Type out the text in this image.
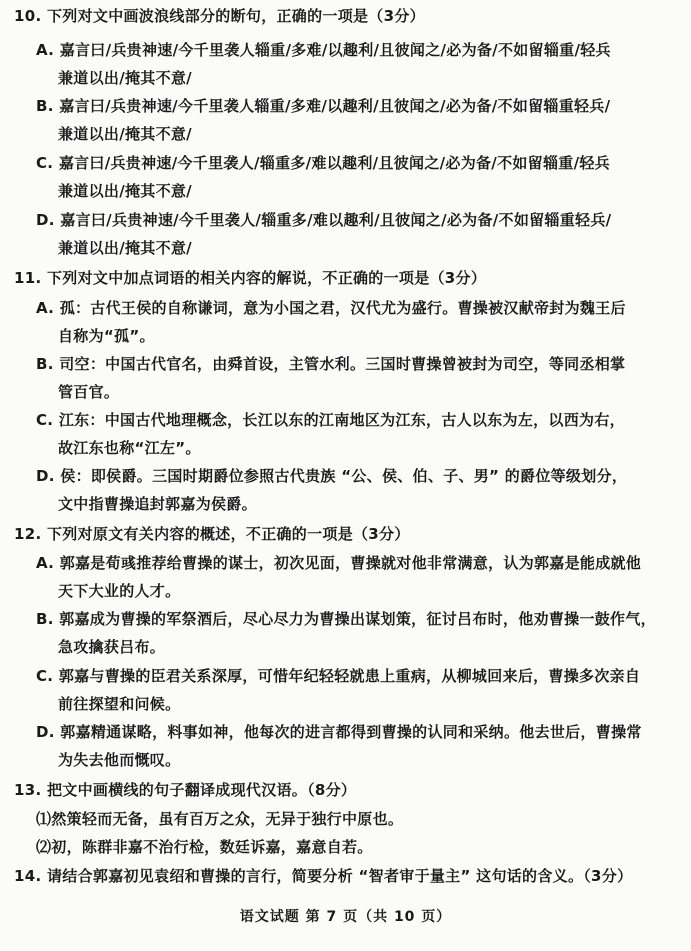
10. 下列对文中画波浪线部分的断句，正确的一项是（3分）
A. 嘉言曰/兵贵神速/今千里袭人辎重/多难/以趣利/且彼闻之/必为备/不如留辎重/轻兵
兼道以出/掩其不意/
B. 嘉言曰/兵贵神速/今千里袭人辎重/多难/以趣利/且彼闻之/必为备/不如留辎重轻兵/
兼道以出/掩其不意/
C. 嘉言曰/兵贵神速/今千里袭人/辎重多/难以趣利/且彼闻之/必为备/不如留辎重/轻兵
兼道以出/掩其不意/
D. 嘉言曰/兵贵神速/今千里袭人/辎重多/难以趣利/且彼闻之/必为备/不如留辎重轻兵/
兼道以出/掩其不意/
11. 下列对文中加点词语的相关内容的解说，不正确的一项是（3分）
A. 孤：古代王侯的自称谦词，意为小国之君，汉代尤为盛行。曹操被汉献帝封为魏王后
自称为“孤”。
B. 司空：中国古代官名，由舜首设，主管水利。三国时曹操曾被封为司空，等同丞相掌
管百官。
C. 江东：中国古代地理概念，长江以东的江南地区为江东，古人以东为左，以西为右，
故江东也称“江左”。
D. 侯：即侯爵。三国时期爵位参照古代贵族 “公、侯、伯、子、男” 的爵位等级划分，
文中指曹操追封郭嘉为侯爵。
12. 下列对原文有关内容的概述，不正确的一项是（3分）
A. 郭嘉是荀彧推荐给曹操的谋士，初次见面，曹操就对他非常满意，认为郭嘉是能成就他
天下大业的人才。
B. 郭嘉成为曹操的军祭酒后，尽心尽力为曹操出谋划策，征讨吕布时，他劝曹操一鼓作气，
急攻擒获吕布。
C. 郭嘉与曹操的臣君关系深厚，可惜年纪轻轻就患上重病，从柳城回来后，曹操多次亲自
前往探望和问候。
D. 郭嘉精通谋略，料事如神，他每次的进言都得到曹操的认同和采纳。他去世后，曹操常
为失去他而慨叹。
13. 把文中画横线的句子翻译成现代汉语。（8分）
⑴然策轻而无备，虽有百万之众，无异于独行中原也。
⑵初，陈群非嘉不治行检，数廷诉嘉，嘉意自若。
14. 请结合郭嘉初见袁绍和曹操的言行，简要分析 “智者审于量主” 这句话的含义。（3分）
语文试题 第 7 页（共 10 页）
